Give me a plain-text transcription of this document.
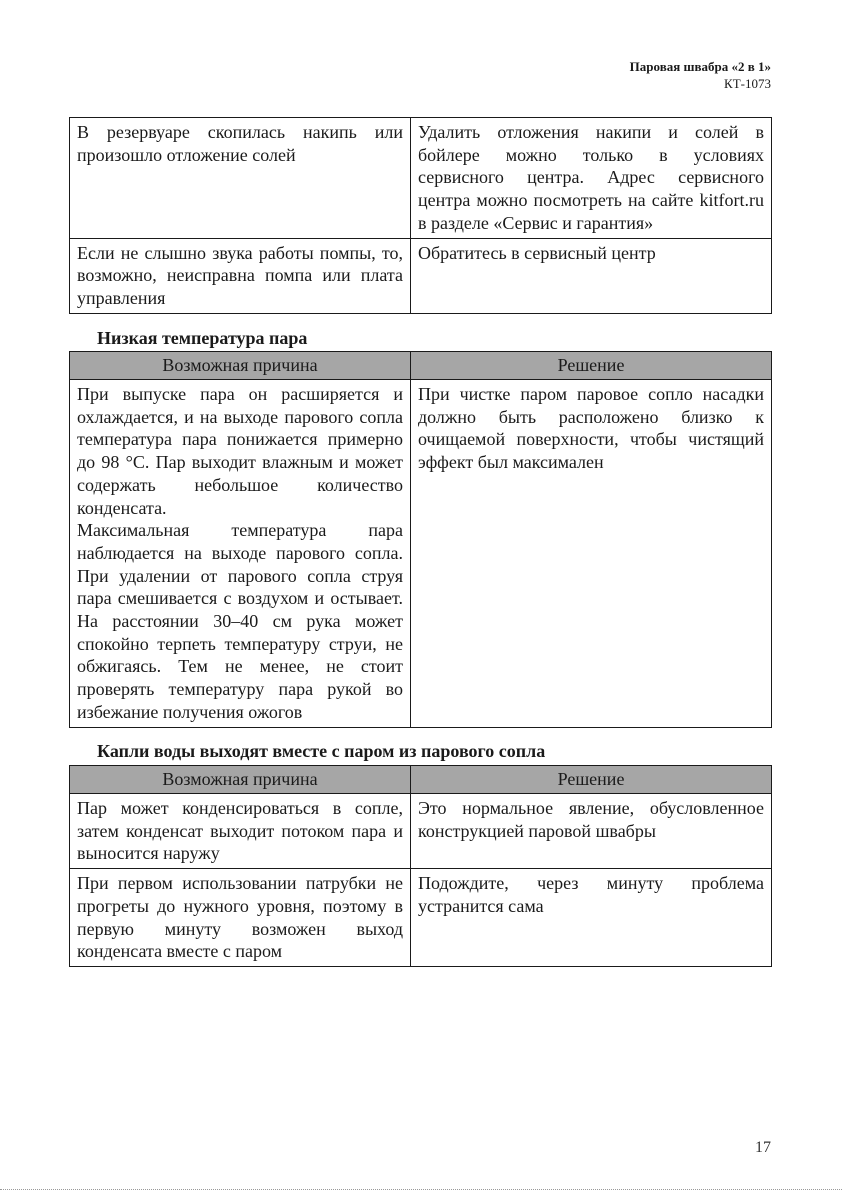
Паровая швабра «2 в 1»
КТ-1073
В резервуаре скопилась накипь или произошло отложение солей	Удалить отложения накипи и солей в бойлере можно только в условиях сервисного центра. Адрес сервисного центра можно посмотреть на сайте kitfort.ru в разделе «Сервис и гарантия»
Если не слышно звука работы помпы, то, возможно, неисправна помпа или плата управления	Обратитесь в сервисный центр
Низкая температура пара
Возможная причина	Решение

При выпуске пара он расширяется и охлаждается, и на выходе парового сопла температура пара понижается примерно до 98 °С. Пар выходит влажным и может содержать небольшое количество конденсата.
Максимальная температура пара наблюдается на выходе парового сопла. При удалении от парового сопла струя пара смешивается с воздухом и остывает. На расстоянии 30–40 см рука может спокойно терпеть температуру струи, не обжигаясь. Тем не менее, не стоит проверять температуру пара рукой во избежание получения ожогов	При чистке паром паровое сопло насадки должно быть расположено близко к очищаемой поверхности, чтобы чистящий эффект был максимален
Капли воды выходят вместе с паром из парового сопла
Возможная причина	Решение
Пар может конденсироваться в сопле, затем конденсат выходит потоком пара и выносится наружу	Это нормальное явление, обусловленное конструкцией паровой швабры
При первом использовании патрубки не прогреты до нужного уровня, поэтому в первую минуту возможен выход конденсата вместе с паром	Подождите, через минуту проблема устранится сама
17
